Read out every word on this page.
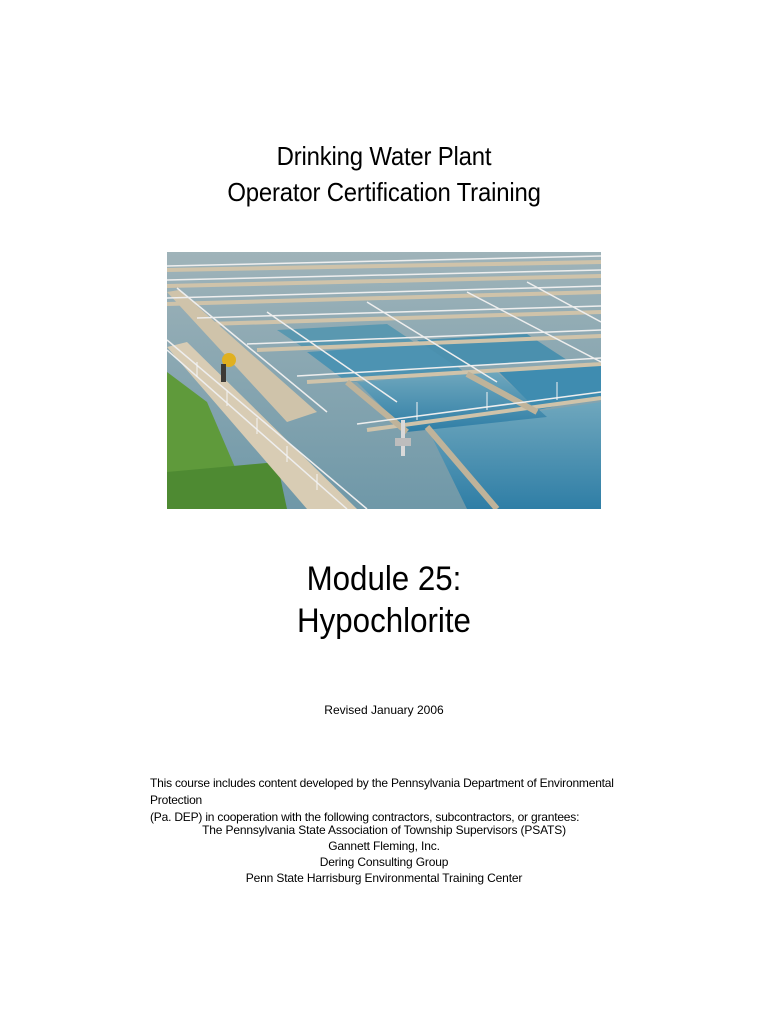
Drinking Water Plant
Operator Certification Training
Module 25:
Hypochlorite
Revised January 2006
This course includes content developed by the Pennsylvania Department of Environmental Protection
(Pa. DEP) in cooperation with the following contractors, subcontractors, or grantees:
The Pennsylvania State Association of Township Supervisors (PSATS)
Gannett Fleming, Inc.
Dering Consulting Group
Penn State Harrisburg Environmental Training Center
